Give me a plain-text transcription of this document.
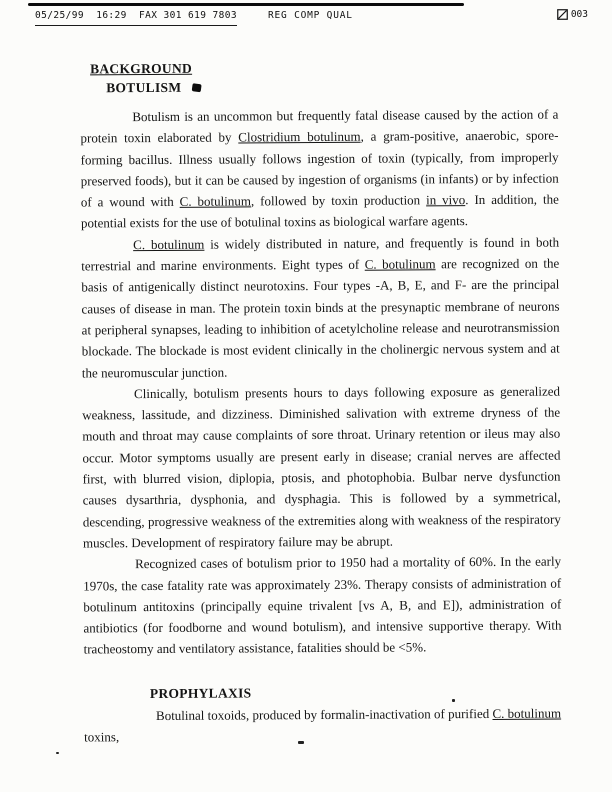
05/25/99  16:29  FAX 301 619 7803	REG COMP QUAL	003
BACKGROUND
BOTULISM

Botulism is an uncommon but frequently fatal disease caused by the action of a protein toxin elaborated by Clostridium botulinum, a gram-positive, anaerobic, spore-forming bacillus. Illness usually follows ingestion of toxin (typically, from improperly preserved foods), but it can be caused by ingestion of organisms (in infants) or by infection of a wound with C. botulinum, followed by toxin production in vivo. In addition, the potential exists for the use of botulinal toxins as biological warfare agents.

C. botulinum is widely distributed in nature, and frequently is found in both terrestrial and marine environments. Eight types of C. botulinum are recognized on the basis of antigenically distinct neurotoxins. Four types -A, B, E, and F- are the principal causes of disease in man. The protein toxin binds at the presynaptic membrane of neurons at peripheral synapses, leading to inhibition of acetylcholine release and neurotransmission blockade. The blockade is most evident clinically in the cholinergic nervous system and at the neuromuscular junction.

Clinically, botulism presents hours to days following exposure as generalized weakness, lassitude, and dizziness. Diminished salivation with extreme dryness of the mouth and throat may cause complaints of sore throat. Urinary retention or ileus may also occur. Motor symptoms usually are present early in disease; cranial nerves are affected first, with blurred vision, diplopia, ptosis, and photophobia. Bulbar nerve dysfunction causes dysarthria, dysphonia, and dysphagia. This is followed by a symmetrical, descending, progressive weakness of the extremities along with weakness of the respiratory muscles. Development of respiratory failure may be abrupt.

Recognized cases of botulism prior to 1950 had a mortality of 60%. In the early 1970s, the case fatality rate was approximately 23%. Therapy consists of administration of botulinum antitoxins (principally equine trivalent [vs A, B, and E]), administration of antibiotics (for foodborne and wound botulism), and intensive supportive therapy. With tracheostomy and ventilatory assistance, fatalities should be <5%.

PROPHYLAXIS

Botulinal toxoids, produced by formalin-inactivation of purified C. botulinum toxins,
